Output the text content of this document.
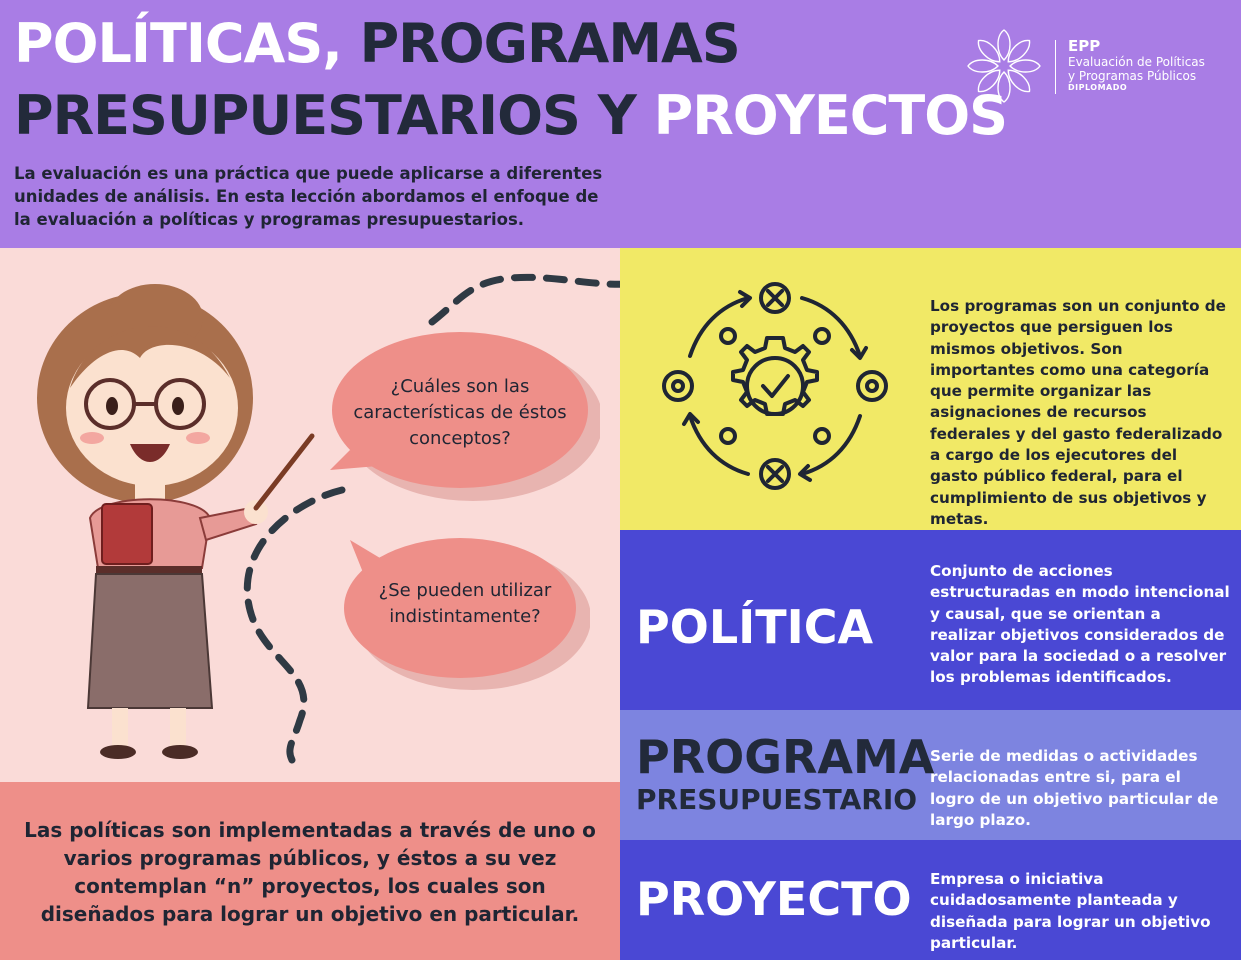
POLÍTICAS, PROGRAMAS
PRESUPUESTARIOS Y PROYECTOS
La evaluación es una práctica que puede aplicarse a diferentes unidades de análisis. En esta lección abordamos el enfoque de la evaluación a políticas y programas presupuestarios.
EPP
Evaluación de Políticas
y Programas Públicos
DIPLOMADO
¿Cuáles son las características de éstos conceptos?
¿Se pueden utilizar indistintamente?
Las políticas son implementadas a través de uno o varios programas públicos, y éstos a su vez contemplan “n” proyectos, los cuales son diseñados para lograr un objetivo en particular.
Los programas son un conjunto de proyectos que persiguen los mismos objetivos. Son importantes como una categoría que permite organizar las asignaciones de recursos federales y del gasto federalizado a cargo de los ejecutores del gasto público federal, para el cumplimiento de sus objetivos y metas.
POLÍTICA
Conjunto de acciones estructuradas en modo intencional y causal, que se orientan a realizar objetivos considerados de valor para la sociedad o a resolver los problemas identificados.
PROGRAMA
PRESUPUESTARIO
Serie de medidas o actividades relacionadas entre si, para el logro de un objetivo particular de largo plazo.
PROYECTO Empresa o iniciativa cuidadosamente planteada y diseñada para lograr un objetivo particular.
